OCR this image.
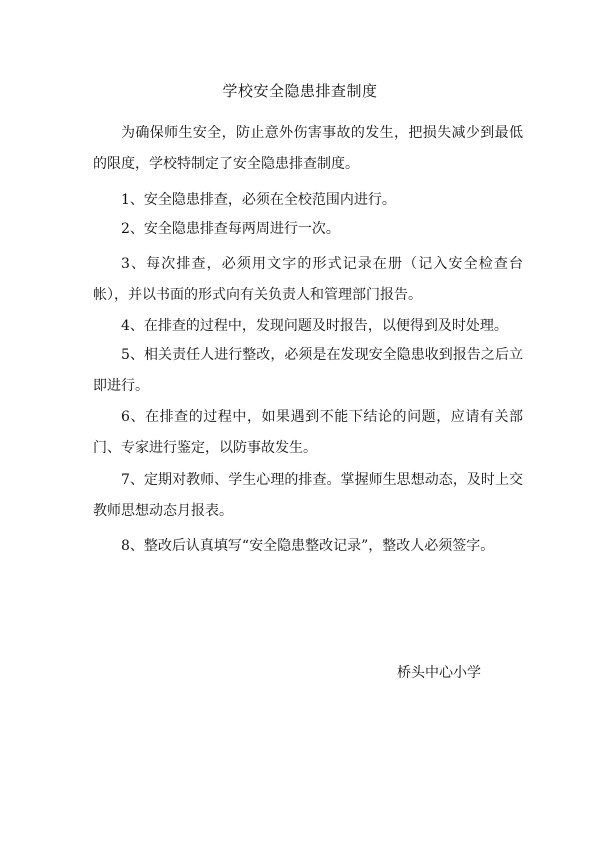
学校安全隐患排查制度

为确保师生安全，防止意外伤害事故的发生，把损失减少到最低的限度，学校特制定了安全隐患排查制度。

1、安全隐患排查，必须在全校范围内进行。

2、安全隐患排查每两周进行一次。

3、每次排查，必须用文字的形式记录在册（记入安全检查台帐），并以书面的形式向有关负责人和管理部门报告。

4、在排查的过程中，发现问题及时报告，以便得到及时处理。

5、相关责任人进行整改，必须是在发现安全隐患收到报告之后立即进行。

6、在排查的过程中，如果遇到不能下结论的问题，应请有关部门、专家进行鉴定，以防事故发生。

7、定期对教师、学生心理的排查。掌握师生思想动态，及时上交教师思想动态月报表。

8、整改后认真填写“安全隐患整改记录”，整改人必须签字。

桥头中心小学
